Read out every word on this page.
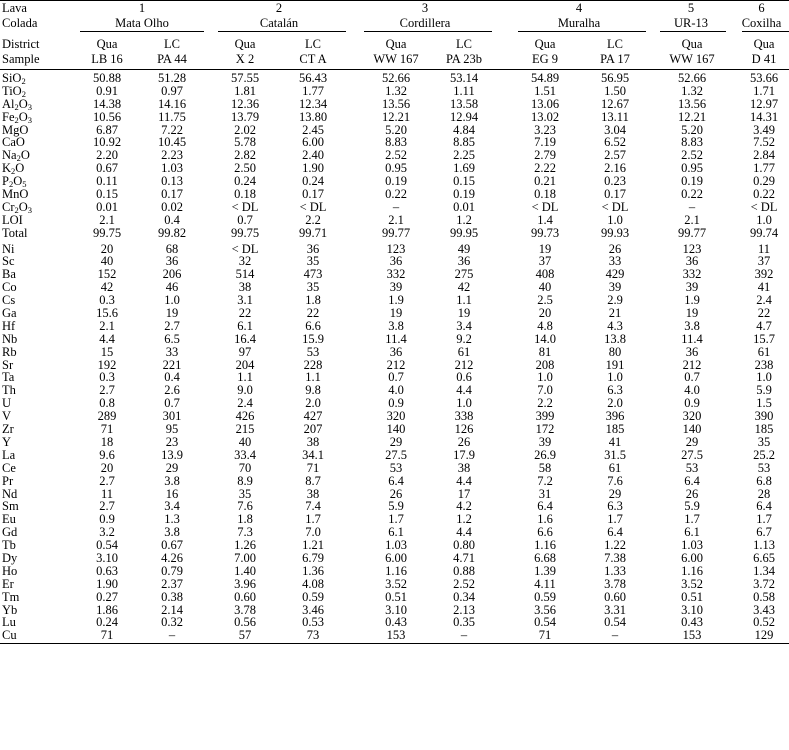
Lava	1	2	3	4	5	6
Colada	Mata Olho	Catalán	Cordillera	Muralha	UR-13	Coxilha
District	Qua	LC	Qua	LC	Qua	LC	Qua	LC	Qua	Qua
Sample	LB 16	PA 44	X 2	CT A	WW 167	PA 23b	EG 9	PA 17	WW 167	D 41
SiO$_2$	50.88	51.28	57.55	56.43	52.66	53.14	54.89	56.95	52.66	53.66
TiO$_2$	0.91	0.97	1.81	1.77	1.32	1.11	1.51	1.50	1.32	1.71
$Al_2O_3$	14.38	14.16	12.36	12.34	13.56	13.58	13.06	12.67	13.56	12.97
$Fe_2O_3$	10.56	11.75	13.79	13.80	12.21	12.94	13.02	13.11	12.21	14.31
MgO	6.87	7.22	2.02	2.45	5.20	4.84	3.23	3.04	5.20	3.49
CaO	10.92	10.45	5.78	6.00	8.83	8.85	7.19	6.52	8.83	7.52
$Na_2O$	2.20	2.23	2.82	2.40	2.52	2.25	2.79	2.57	2.52	2.84
$K_2O$	0.67	1.03	2.50	1.90	0.95	1.69	2.22	2.16	0.95	1.77
$P_2O_5$	0.11	0.13	0.24	0.24	0.19	0.15	0.21	0.23	0.19	0.29
MnO	0.15	0.17	0.18	0.17	0.22	0.19	0.18	0.17	0.22	0.22
$Cr_2O_3$	0.01	0.02	< DL	< DL	–	0.01	< DL	< DL	–	< DL
LOI	2.1	0.4	0.7	2.2	2.1	1.2	1.4	1.0	2.1	1.0
Total	99.75	99.82	99.75	99.71	99.77	99.95	99.73	99.93	99.77	99.74
Ni	20	68	< DL	36	123	49	19	26	123	11
Sc	40	36	32	35	36	36	37	33	36	37
Ba	152	206	514	473	332	275	408	429	332	392
Co	42	46	38	35	39	42	40	39	39	41
Cs	0.3	1.0	3.1	1.8	1.9	1.1	2.5	2.9	1.9	2.4
Ga	15.6	19	22	22	19	19	20	21	19	22
Hf	2.1	2.7	6.1	6.6	3.8	3.4	4.8	4.3	3.8	4.7
Nb	4.4	6.5	16.4	15.9	11.4	9.2	14.0	13.8	11.4	15.7
Rb	15	33	97	53	36	61	81	80	36	61
Sr	192	221	204	228	212	212	208	191	212	238
Ta	0.3	0.4	1.1	1.1	0.7	0.6	1.0	1.0	0.7	1.0
Th	2.7	2.6	9.0	9.8	4.0	4.4	7.0	6.3	4.0	5.9
U	0.8	0.7	2.4	2.0	0.9	1.0	2.2	2.0	0.9	1.5
V	289	301	426	427	320	338	399	396	320	390
Zr	71	95	215	207	140	126	172	185	140	185
Y	18	23	40	38	29	26	39	41	29	35
La	9.6	13.9	33.4	34.1	27.5	17.9	26.9	31.5	27.5	25.2
Ce	20	29	70	71	53	38	58	61	53	53
Pr	2.7	3.8	8.9	8.7	6.4	4.4	7.2	7.6	6.4	6.8
Nd	11	16	35	38	26	17	31	29	26	28
Sm	2.7	3.4	7.6	7.4	5.9	4.2	6.4	6.3	5.9	6.4
Eu	0.9	1.3	1.8	1.7	1.7	1.2	1.6	1.7	1.7	1.7
Gd	3.2	3.8	7.3	7.0	6.1	4.4	6.6	6.4	6.1	6.7
Tb	0.54	0.67	1.26	1.21	1.03	0.80	1.16	1.22	1.03	1.13
Dy	3.10	4.26	7.00	6.79	6.00	4.71	6.68	7.38	6.00	6.65
Ho	0.63	0.79	1.40	1.36	1.16	0.88	1.39	1.33	1.16	1.34
Er	1.90	2.37	3.96	4.08	3.52	2.52	4.11	3.78	3.52	3.72
Tm	0.27	0.38	0.60	0.59	0.51	0.34	0.59	0.60	0.51	0.58
Yb	1.86	2.14	3.78	3.46	3.10	2.13	3.56	3.31	3.10	3.43
Lu	0.24	0.32	0.56	0.53	0.43	0.35	0.54	0.54	0.43	0.52
Cu	71	–	57	73	153	–	71	–	153	129
